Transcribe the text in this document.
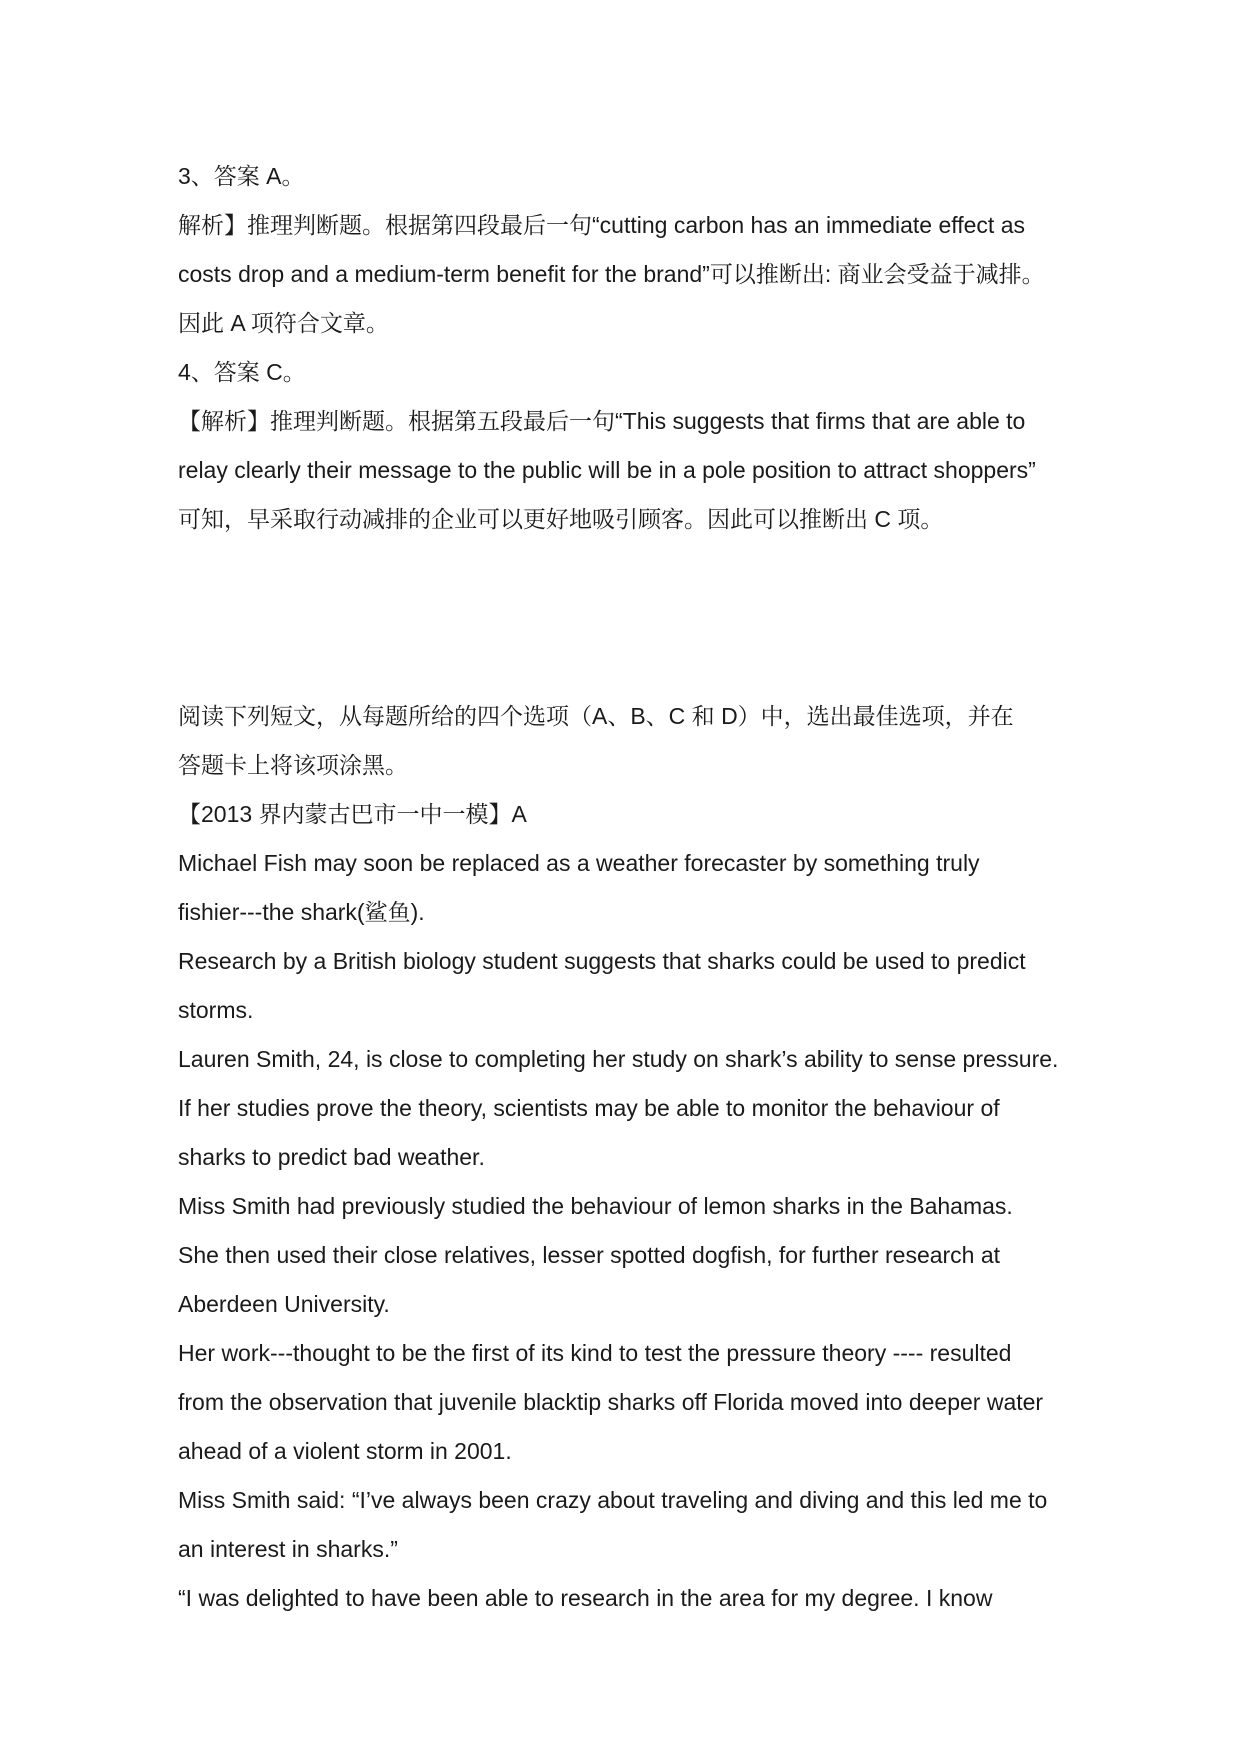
3、答案 A。

解析】推理判断题。根据第四段最后一句“cutting carbon has an immediate effect as

costs drop and a medium-term benefit for the brand”可以推断出: 商业会受益于减排。

因此 A 项符合文章。

4、答案 C。

【解析】推理判断题。根据第五段最后一句“This suggests that firms that are able to

relay clearly their message to the public will be in a pole position to attract shoppers”

可知，早采取行动减排的企业可以更好地吸引顾客。因此可以推断出 C 项。

阅读下列短文，从每题所给的四个选项（A、B、C 和 D）中，选出最佳选项，并在

答题卡上将该项涂黑。

【2013 界内蒙古巴市一中一模】A

Michael Fish may soon be replaced as a weather forecaster by something truly

fishier---the shark(鲨鱼).

Research by a British biology student suggests that sharks could be used to predict

storms.

Lauren Smith, 24, is close to completing her study on shark’s ability to sense pressure.

If her studies prove the theory, scientists may be able to monitor the behaviour of

sharks to predict bad weather.

Miss Smith had previously studied the behaviour of lemon sharks in the Bahamas.

She then used their close relatives, lesser spotted dogfish, for further research at

Aberdeen University.

Her work---thought to be the first of its kind to test the pressure theory ---- resulted

from the observation that juvenile blacktip sharks off Florida moved into deeper water

ahead of a violent storm in 2001.

Miss Smith said: “I’ve always been crazy about traveling and diving and this led me to

an interest in sharks.”

“I was delighted to have been able to research in the area for my degree. I know
